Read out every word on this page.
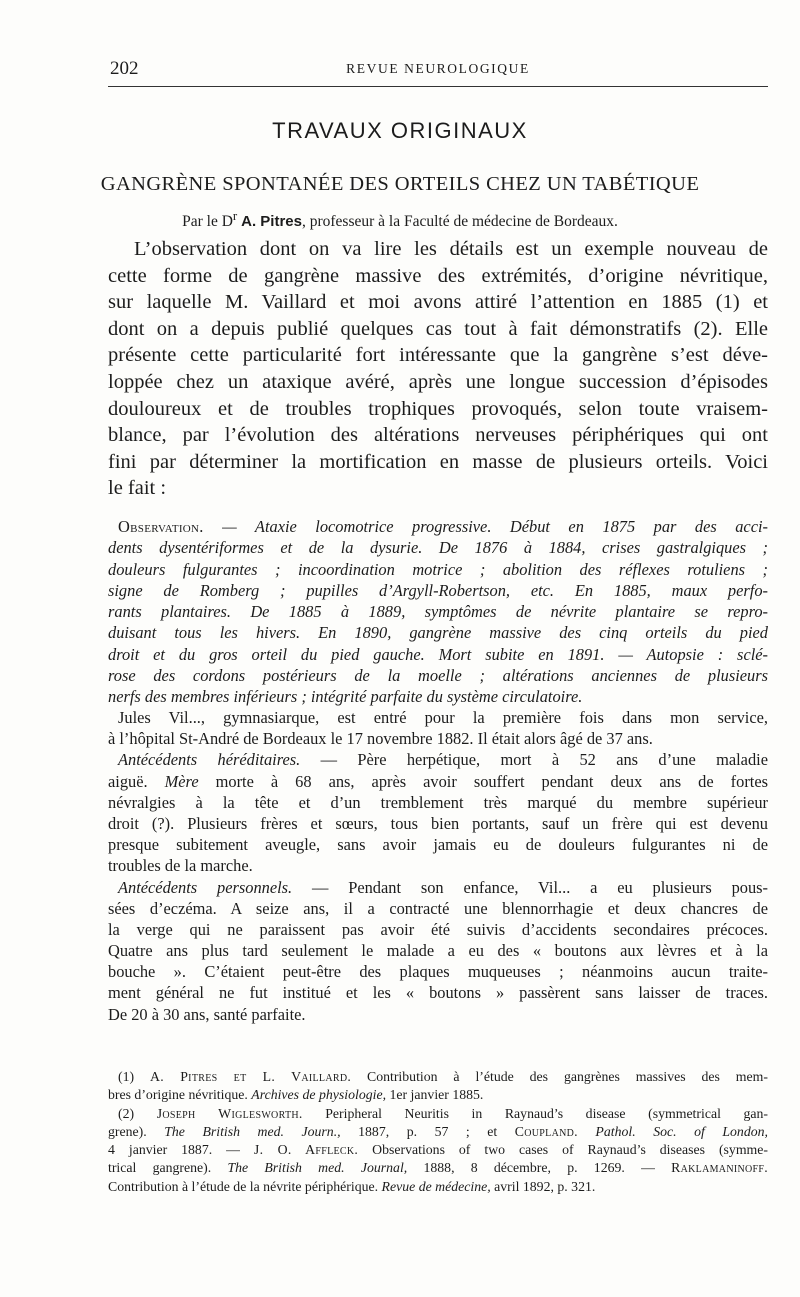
202	REVUE NEUROLOGIQUE
TRAVAUX ORIGINAUX
GANGRÈNE SPONTANÉE DES ORTEILS CHEZ UN TABÉTIQUE
Par le $D^r$ A. Pitres, professeur à la Faculté de médecine de Bordeaux.
L’observation dont on va lire les détails est un exemple nouveau de
cette forme de gangrène massive des extrémités, d’origine névritique,
sur laquelle M. Vaillard et moi avons attiré l’attention en 1885 (1) et
dont on a depuis publié quelques cas tout à fait démonstratifs (2). Elle
présente cette particularité fort intéressante que la gangrène s’est déve-
loppée chez un ataxique avéré, après une longue succession d’épisodes
douloureux et de troubles trophiques provoqués, selon toute vraisem-
blance, par l’évolution des altérations nerveuses périphériques qui ont
fini par déterminer la mortification en masse de plusieurs orteils. Voici
le fait :
Observation. — Ataxie locomotrice progressive. Début en 1875 par des acci-
dents dysentériformes et de la dysurie. De 1876 à 1884, crises gastralgiques ;
douleurs fulgurantes ; incoordination motrice ; abolition des réflexes rotuliens ;
signe de Romberg ; pupilles d’Argyll-Robertson, etc. En 1885, maux perfo-
rants plantaires. De 1885 à 1889, symptômes de névrite plantaire se repro-
duisant tous les hivers. En 1890, gangrène massive des cinq orteils du pied
droit et du gros orteil du pied gauche. Mort subite en 1891. — Autopsie : sclé-
rose des cordons postérieurs de la moelle ; altérations anciennes de plusieurs
nerfs des membres inférieurs ; intégrité parfaite du système circulatoire.
Jules Vil..., gymnasiarque, est entré pour la première fois dans mon service,
à l’hôpital St-André de Bordeaux le 17 novembre 1882. Il était alors âgé de 37 ans.
Antécédents héréditaires. — Père herpétique, mort à 52 ans d’une maladie
aiguë. Mère morte à 68 ans, après avoir souffert pendant deux ans de fortes
névralgies à la tête et d’un tremblement très marqué du membre supérieur
droit (?). Plusieurs frères et sœurs, tous bien portants, sauf un frère qui est devenu
presque subitement aveugle, sans avoir jamais eu de douleurs fulgurantes ni de
troubles de la marche.
Antécédents personnels. — Pendant son enfance, Vil... a eu plusieurs pous-
sées d’eczéma. A seize ans, il a contracté une blennorrhagie et deux chancres de
la verge qui ne paraissent pas avoir été suivis d’accidents secondaires précoces.
Quatre ans plus tard seulement le malade a eu des « boutons aux lèvres et à la
bouche ». C’étaient peut-être des plaques muqueuses ; néanmoins aucun traite-
ment général ne fut institué et les « boutons » passèrent sans laisser de traces.
De 20 à 30 ans, santé parfaite.
(1) A. Pitres et L. Vaillard. Contribution à l’étude des gangrènes massives des mem-
bres d’origine névritique. Archives de physiologie, 1er janvier 1885.
(2) Joseph Wiglesworth. Peripheral Neuritis in Raynaud’s disease (symmetrical gan-
grene). The British med. Journ., 1887, p. 57 ; et Coupland. Pathol. Soc. of London,
4 janvier 1887. — J. O. Affleck. Observations of two cases of Raynaud’s diseases (symme-
trical gangrene). The British med. Journal, 1888, 8 décembre, p. 1269. — Raklamaninoff.
Contribution à l’étude de la névrite périphérique. Revue de médecine, avril 1892, p. 321.
